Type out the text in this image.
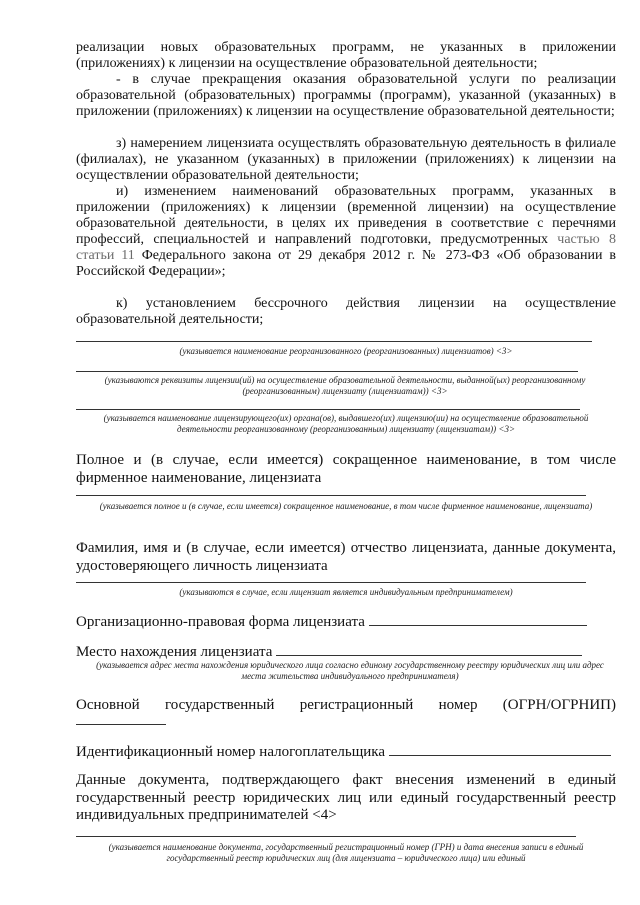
реализации новых образовательных программ, не указанных в приложении (приложениях) к лицензии на осуществление образовательной деятельности;

- в случае прекращения оказания образовательной услуги по реализации образовательной (образовательных) программы (программ), указанной (указанных) в приложении (приложениях) к лицензии на осуществление образовательной деятельности;

з) намерением лицензиата осуществлять образовательную деятельность в филиале (филиалах), не указанном (указанных) в приложении (приложениях) к лицензии на осуществлении образовательной деятельности;

и) изменением наименований образовательных программ, указанных в приложении (приложениях) к лицензии (временной лицензии) на осуществление образовательной деятельности, в целях их приведения в соответствие с перечнями профессий, специальностей и направлений подготовки, предусмотренных частью 8 статьи 11 Федерального закона от 29 декабря 2012 г. № 273-ФЗ «Об образовании в Российской Федерации»;

к) установлением бессрочного действия лицензии на осуществление образовательной деятельности;

(указывается наименование реорганизованного (реорганизованных) лицензиатов) <3>
(указываются реквизиты лицензии(ий) на осуществление образовательной деятельности, выданной(ых) реорганизованному (реорганизованным) лицензиату (лицензиатам)) <3>
(указывается наименование лицензирующего(их) органа(ов), выдавшего(их) лицензию(ии) на осуществление образовательной деятельности реорганизованному (реорганизованным) лицензиату (лицензиатам)) <3>

Полное и (в случае, если имеется) сокращенное наименование, в том числе фирменное наименование, лицензиата

(указывается полное и (в случае, если имеется) сокращенное наименование, в том числе фирменное наименование, лицензиата)

Фамилия, имя и (в случае, если имеется) отчество лицензиата, данные документа, удостоверяющего личность лицензиата

(указываются в случае, если лицензиат является индивидуальным предпринимателем)
Организационно-правовая форма лицензиата
Место нахождения лицензиата
(указывается адрес места нахождения юридического лица согласно единому государственному реестру юридических лиц или адрес места жительства индивидуального предпринимателя)

Основной государственный регистрационный номер (ОГРН/ОГРНИП)

Идентификационный номер налогоплательщика

Данные документа, подтверждающего факт внесения изменений в единый государственный реестр юридических лиц или единый государственный реестр индивидуальных предпринимателей <4>

(указывается наименование документа, государственный регистрационный номер (ГРН) и дата внесения записи в единый государственный реестр юридических лиц (для лицензиата – юридического лица) или единый
